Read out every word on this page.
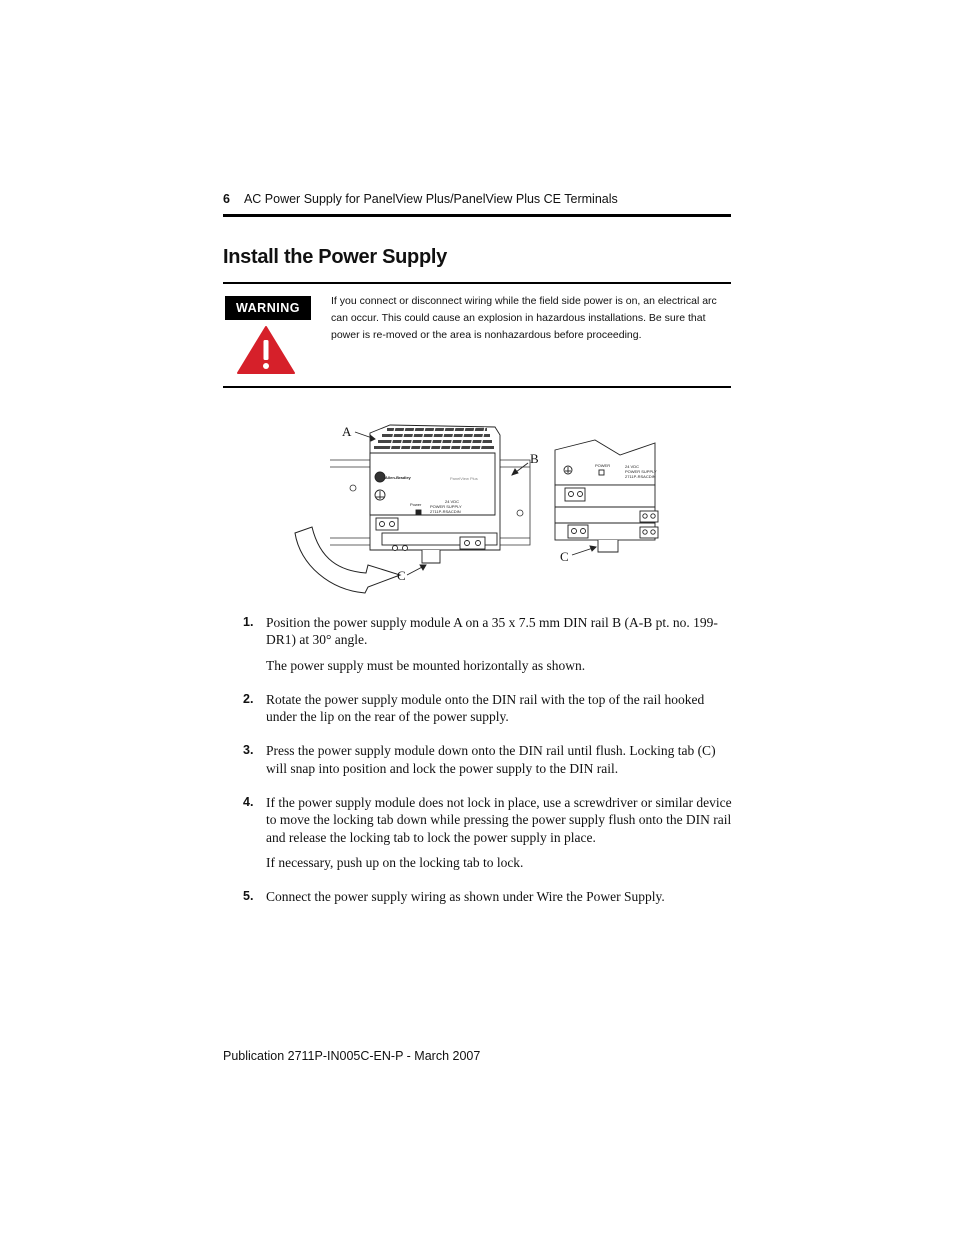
6 AC Power Supply for PanelView Plus/PanelView Plus CE Terminals
Install the Power Supply
WARNING	If you connect or disconnect wiring while the field side power is on, an electrical arc can occur. This could cause an explosion in hazardous installations. Be sure that power is re-moved or the area is nonhazardous before proceeding.
Allen-Bradley	PanelView Plus
Power
24 VDC
POWER SUPPLY
2711P-RSACDIN
POWER	24 VDC
POWER SUPPLY
2711P-RSACDIN
A
B
C
C
1. Position the power supply module A on a 35 x 7.5 mm DIN rail B (A-B pt. no. 199-DR1) at 30° angle.

The power supply must be mounted horizontally as shown.

2. Rotate the power supply module onto the DIN rail with the top of the rail hooked under the lip on the rear of the power supply.

3. Press the power supply module down onto the DIN rail until flush. Locking tab (C) will snap into position and lock the power supply to the DIN rail.

4. If the power supply module does not lock in place, use a screwdriver or similar device to move the locking tab down while pressing the power supply flush onto the DIN rail and release the locking tab to lock the power supply in place.

If necessary, push up on the locking tab to lock.

5. Connect the power supply wiring as shown under Wire the Power Supply.

Publication 2711P-IN005C-EN-P - March 2007
